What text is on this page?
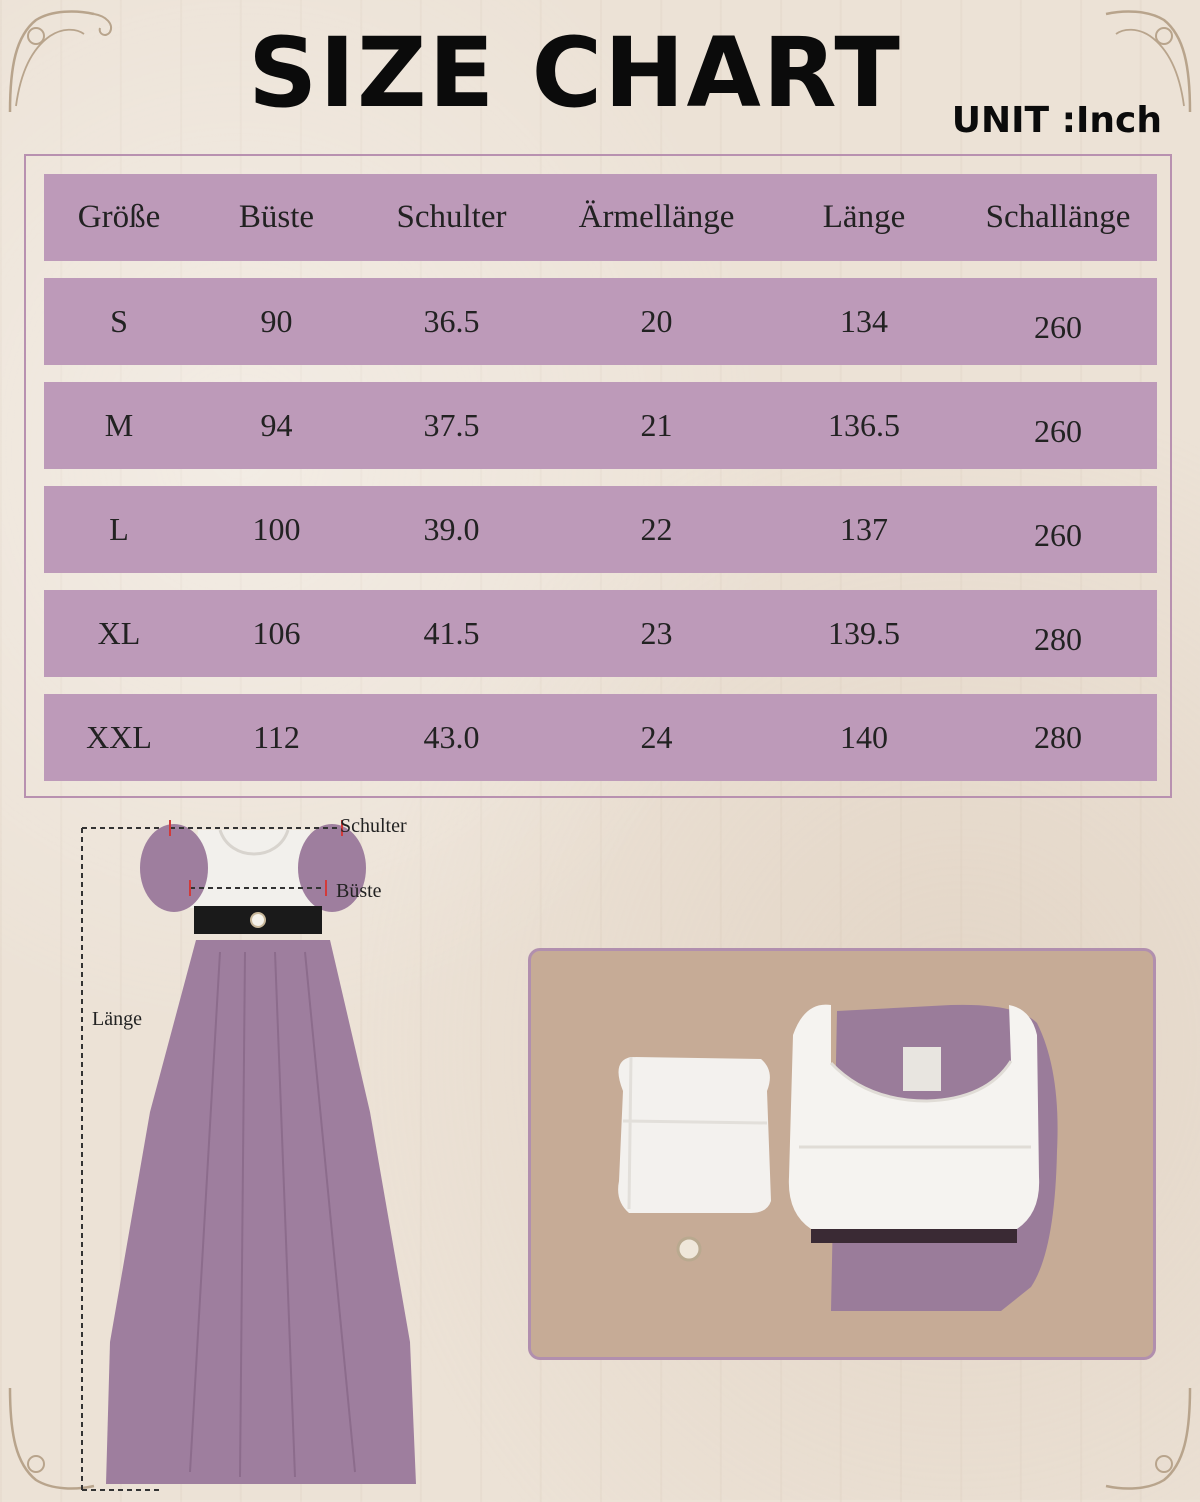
SIZE CHART	UNIT :Inch
Größe	Büste	Schulter	Ärmellänge	Länge	Schallänge
S	90	36.5	20	134	260
M	94	37.5	21	136.5	260
L	100	39.0	22	137	260
XL	106	41.5	23	139.5	280
XXL	112	43.0	24	140	280
Schulter
Büste
Länge
